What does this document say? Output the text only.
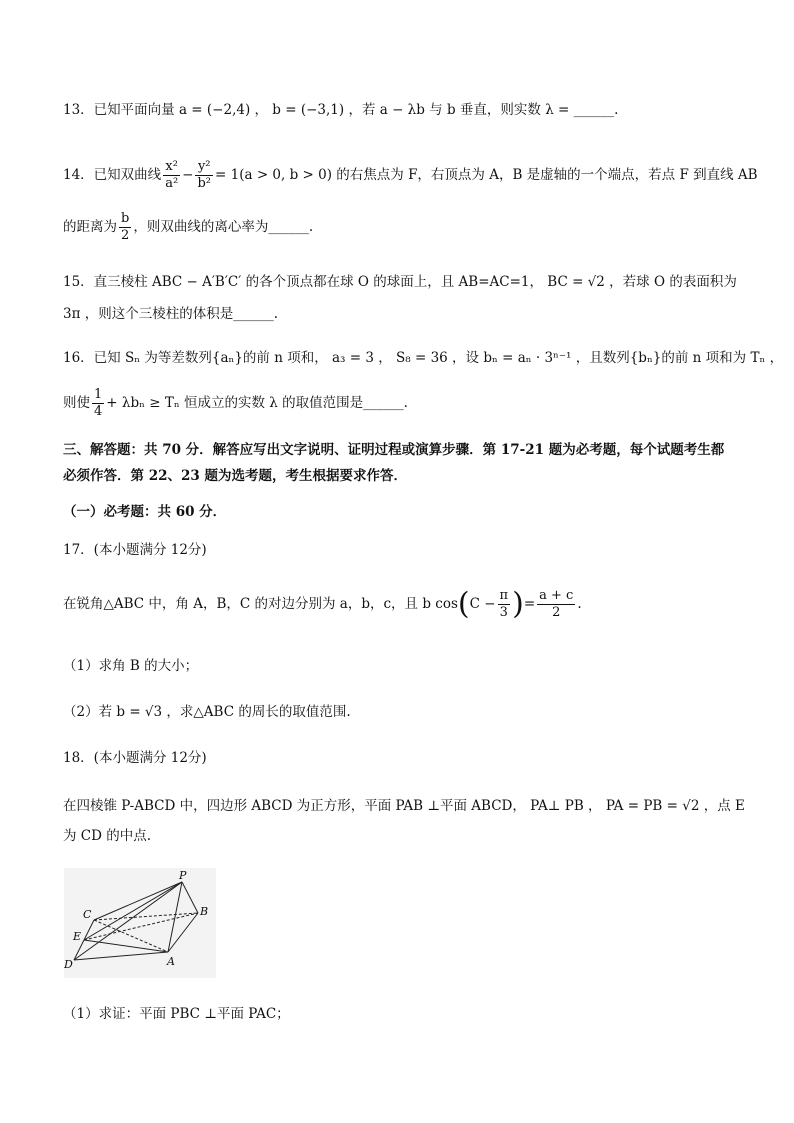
13．已知平面向量 a = (−2,4) ， b = (−3,1) ，若 a − λb 与 b 垂直，则实数 λ = ______.
14．已知双曲线 $\frac{\text{x²}}{\text{a²}} - \frac{\text{y²}}{\text{b²}} = 1(a > 0$, b > 0) 的右焦点为 F，右顶点为 A，B 是虚轴的一个端点，若点 F 到直线 AB
的距离为 $\frac{b}{2}$ ，则双曲线的离心率为______.
15．直三棱柱 ABC − A′B′C′ 的各个顶点都在球 O 的球面上，且 AB=AC=1， BC = √2 ，若球 O 的表面积为
3π ，则这个三棱柱的体积是______.
16．已知 Sₙ 为等差数列{aₙ}的前 n 项和， a₃ = 3 ， S₈ = 36 ，设 bₙ = aₙ · 3ⁿ⁻¹ ，且数列{bₙ}的前 n 项和为 Tₙ ，
则使 $\frac{1}{4} + \lambda b_n \ge T_n$ 恒成立的实数 λ 的取值范围是______.
三、解答题：共 70 分．解答应写出文字说明、证明过程或演算步骤．第 17-21 题为必考题，每个试题考生都
必须作答．第 22、23 题为选考题，考生根据要求作答．
（一）必考题：共 60 分．
17．(本小题满分 12分)
在锐角△ABC 中，角 A，B，C 的对边分别为 a，b，c，且 b $\cos(C - \frac{\pi}{3}$ )= $\frac{a + c}{2}$ .
（1）求角 B 的大小；
（2）若 b = √3 ，求△ABC 的周长的取值范围.
18．(本小题满分 12分)
在四棱锥 P-ABCD 中，四边形 ABCD 为正方形，平面 PAB ⊥平面 ABCD， PA⊥ PB ， PA = PB = √2 ，点 E
为 CD 的中点.
P
C	B
E
D	A
（1）求证：平面 PBC ⊥平面 PAC；
